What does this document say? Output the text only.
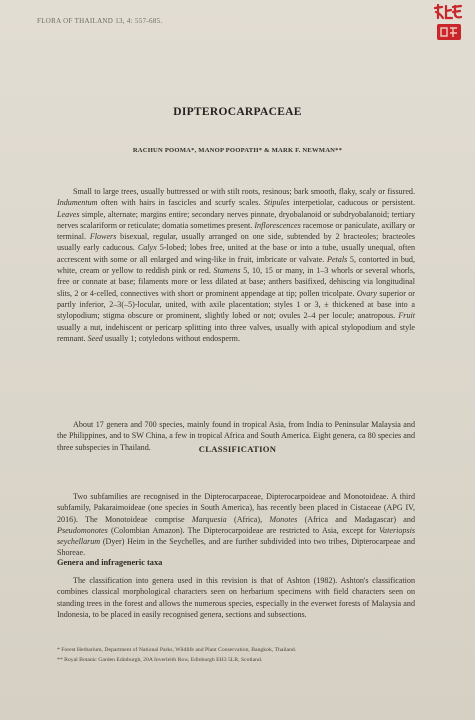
FLORA OF THAILAND 13, 4: 557-685.
DIPTEROCARPACEAE
RACHUN POOMA*, MANOP POOPATH* & MARK F. NEWMAN**
Small to large trees, usually buttressed or with stilt roots, resinous; bark smooth, flaky, scaly or fissured. Indumentum often with hairs in fascicles and scurfy scales. Stipules interpetiolar, caducous or persistent. Leaves simple, alternate; margins entire; secondary nerves pinnate, dryobalanoid or subdryobalanoid; tertiary nerves scalariform or reticulate; domatia sometimes present. Inflorescences racemose or paniculate, axillary or terminal. Flowers bisexual, regular, usually arranged on one side, subtended by 2 bracteoles; bracteoles usually early caducous. Calyx 5-lobed; lobes free, united at the base or into a tube, usually unequal, often accrescent with some or all enlarged and wing-like in fruit, imbricate or valvate. Petals 5, contorted in bud, white, cream or yellow to reddish pink or red. Stamens 5, 10, 15 or many, in 1–3 whorls or several whorls, free or connate at base; filaments more or less dilated at base; anthers basifixed, dehiscing via longitudinal slits, 2 or 4-celled, connectives with short or prominent appendage at tip; pollen tricolpate. Ovary superior or partly inferior, 2–3(–5)-locular, united, with axile placentation; styles 1 or 3, ± thickened at base into a stylopodium; stigma obscure or prominent, slightly lobed or not; ovules 2–4 per locule; anatropous. Fruit usually a nut, indehiscent or pericarp splitting into three valves, usually with apical stylopodium and style remnant. Seed usually 1; cotyledons without endosperm.
About 17 genera and 700 species, mainly found in tropical Asia, from India to Peninsular Malaysia and the Philippines, and to SW China, a few in tropical Africa and South America. Eight genera, ca 80 species and three subspecies in Thailand.	CLASSIFICATION
Two subfamilies are recognised in the Dipterocarpaceae, Dipterocarpoideae and Monotoideae. A third subfamily, Pakaraimoideae (one species in South America), has recently been placed in Cistaceae (APG IV, 2016). The Monotoideae comprise Marquesia (Africa), Monotes (Africa and Madagascar) and Pseudomonotes (Colombian Amazon). The Dipterocarpoideae are restricted to Asia, except for Vateriopsis seychellarum (Dyer) Heim in the Seychelles, and are further subdivided into two tribes, Dipterocarpeae and Shoreae.
Genera and infrageneric taxa
The classification into genera used in this revision is that of Ashton (1982). Ashton's classification combines classical morphological characters seen on herbarium specimens with field characters seen on standing trees in the forest and allows the numerous species, especially in the everwet forests of Malaysia and Indonesia, to be placed in easily recognised genera, sections and subsections.
* Forest Herbarium, Department of National Parks, Wildlife and Plant Conservation, Bangkok, Thailand.
** Royal Botanic Garden Edinburgh, 20A Inverleith Row, Edinburgh EH3 5LR, Scotland.
